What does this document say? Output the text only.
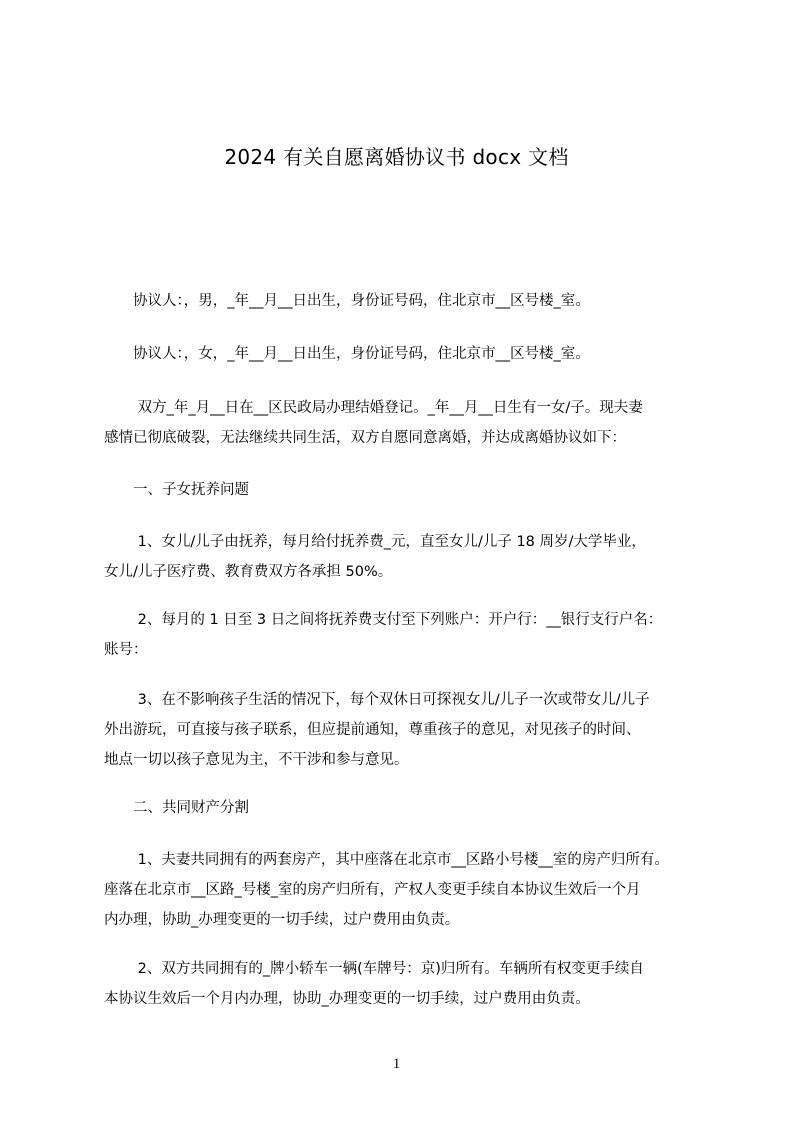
2024 有关自愿离婚协议书 docx 文档
　　协议人：，男，_年__月__日出生，身份证号码，住北京市__区号楼_室。
　　协议人：，女，_年__月__日出生，身份证号码，住北京市__区号楼_室。
　　 双方_年_月__日在__区民政局办理结婚登记。_年__月__日生有一女/子。现夫妻
感情已彻底破裂，无法继续共同生活，双方自愿同意离婚，并达成离婚协议如下：
　　一、子女抚养问题
　　 1、女儿/儿子由抚养，每月给付抚养费_元，直至女儿/儿子 18 周岁/大学毕业，
女儿/儿子医疗费、教育费双方各承担 50%。
　　 2、每月的 1 日至 3 日之间将抚养费支付至下列账户：开户行：__银行支行户名：
账号：
　　 3、在不影响孩子生活的情况下，每个双休日可探视女儿/儿子一次或带女儿/儿子
外出游玩，可直接与孩子联系，但应提前通知，尊重孩子的意见，对见孩子的时间、
地点一切以孩子意见为主，不干涉和参与意见。
　　二、共同财产分割
　　 1、夫妻共同拥有的两套房产，其中座落在北京市__区路小号楼__室的房产归所有。
座落在北京市__区路_号楼_室的房产归所有，产权人变更手续自本协议生效后一个月
内办理，协助_办理变更的一切手续，过户费用由负责。
　　 2、双方共同拥有的_牌小轿车一辆(车牌号：京)归所有。车辆所有权变更手续自
本协议生效后一个月内办理，协助_办理变更的一切手续，过户费用由负责。
1
